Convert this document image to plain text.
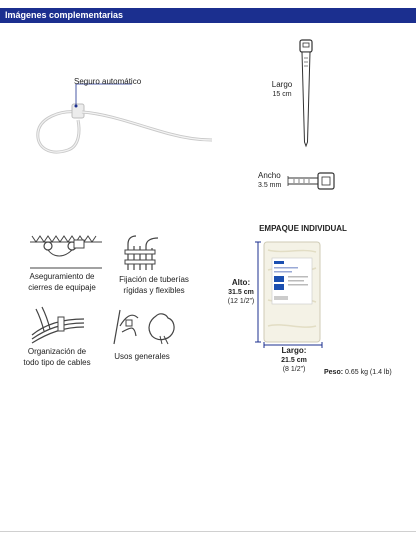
Imágenes complementarias
Seguro automático	Largo
15 cm
Ancho
3.5 mm
Aseguramiento de
cierres de equipaje
Fijación de tuberías
rígidas y flexibles
Organización de
todo tipo de cables
Usos generales
EMPAQUE INDIVIDUAL
Alto:
31.5 cm
(12 1/2”)
Largo:
21.5 cm
(8 1/2”)	Peso: 0.65 kg (1.4 lb)
